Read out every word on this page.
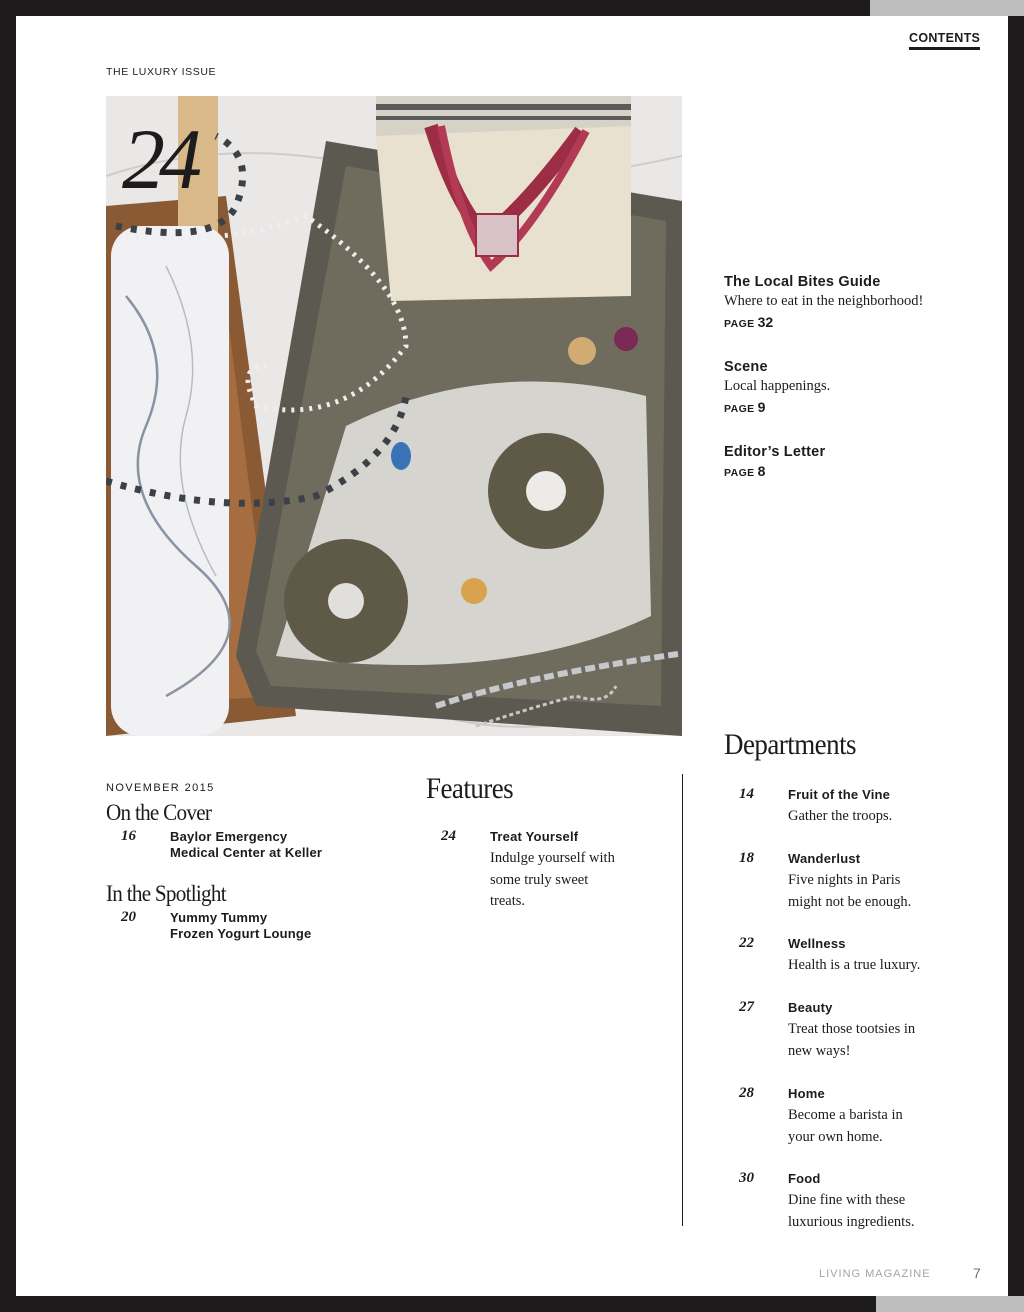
CONTENTS
THE LUXURY ISSUE
24
The Local Bites Guide
Where to eat in the neighborhood!
PAGE 32
Scene
Local happenings.
PAGE 9
Editor’s Letter
PAGE 8
NOVEMBER 2015
On the Cover
16	Baylor Emergency
Medical Center at Keller
In the Spotlight
20	Yummy Tummy
Frozen Yogurt Lounge
Features
24	Treat Yourself
Indulge yourself with
some truly sweet
treats.
Departments
14	Fruit of the Vine
Gather the troops.
18	Wanderlust
Five nights in Paris
might not be enough.
22	Wellness
Health is a true luxury.
27	Beauty
Treat those tootsies in
new ways!
28	Home
Become a barista in
your own home.
30	Food
Dine fine with these
luxurious ingredients.
LIVING MAGAZINE	7
